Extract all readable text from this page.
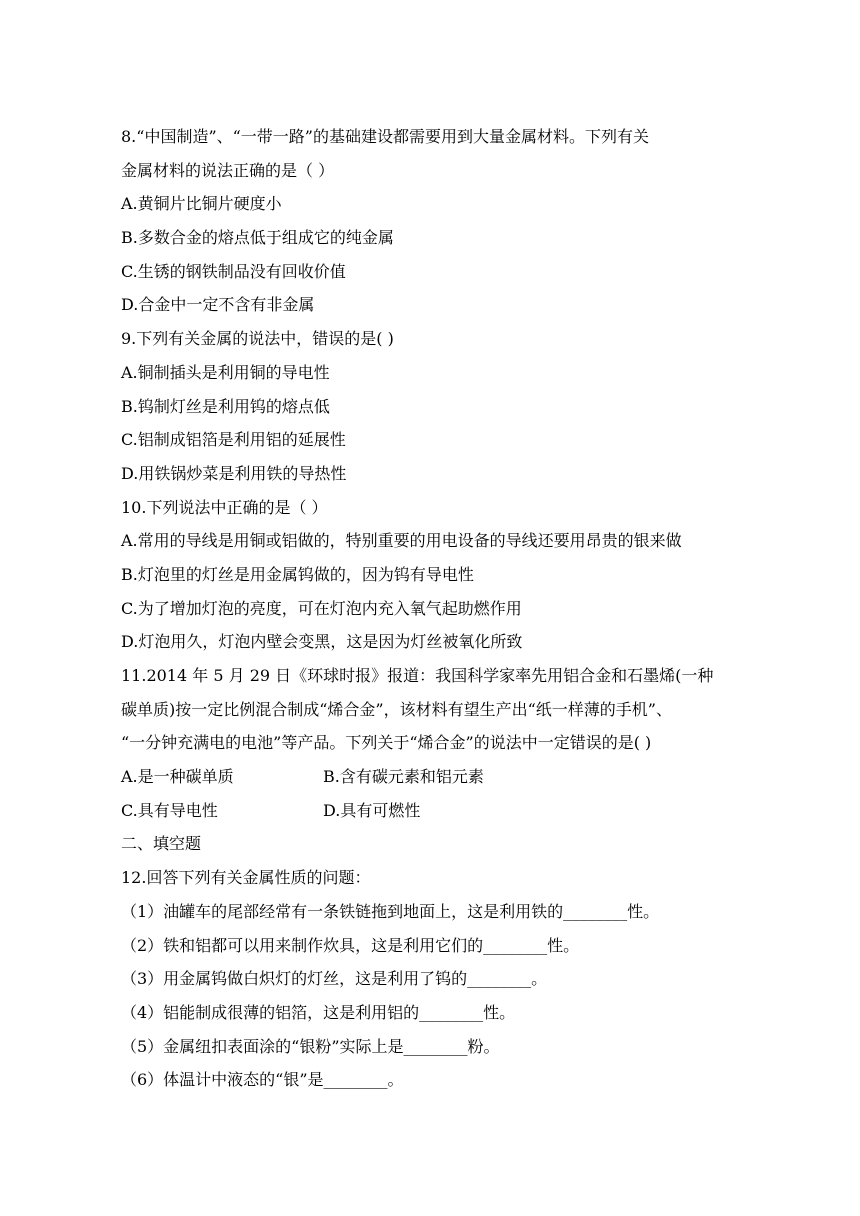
8.“中国制造”、“一带一路”的基础建设都需要用到大量金属材料。下列有关
金属材料的说法正确的是（ ）
A.黄铜片比铜片硬度小
B.多数合金的熔点低于组成它的纯金属
C.生锈的钢铁制品没有回收价值
D.合金中一定不含有非金属
9.下列有关金属的说法中，错误的是( )
A.铜制插头是利用铜的导电性
B.钨制灯丝是利用钨的熔点低
C.铝制成铝箔是利用铝的延展性
D.用铁锅炒菜是利用铁的导热性
10.下列说法中正确的是（ ）
A.常用的导线是用铜或铝做的，特别重要的用电设备的导线还要用昂贵的银来做
B.灯泡里的灯丝是用金属钨做的，因为钨有导电性
C.为了增加灯泡的亮度，可在灯泡内充入氧气起助燃作用
D.灯泡用久，灯泡内壁会变黑，这是因为灯丝被氧化所致
11.2014 年 5 月 29 日《环球时报》报道：我国科学家率先用铝合金和石墨烯(一种
碳单质)按一定比例混合制成“烯合金”，该材料有望生产出“纸一样薄的手机”、
“一分钟充满电的电池”等产品。下列关于“烯合金”的说法中一定错误的是( )
A.是一种碳单质	B.含有碳元素和铝元素
C.具有导电性	D.具有可燃性
二、填空题
12.回答下列有关金属性质的问题：
（1）油罐车的尾部经常有一条铁链拖到地面上，这是利用铁的________性。
（2）铁和铝都可以用来制作炊具，这是利用它们的________性。
（3）用金属钨做白炽灯的灯丝，这是利用了钨的________。
（4）铝能制成很薄的铝箔，这是利用铝的________性。
（5）金属纽扣表面涂的“银粉”实际上是________粉。
（6）体温计中液态的“银”是________。
